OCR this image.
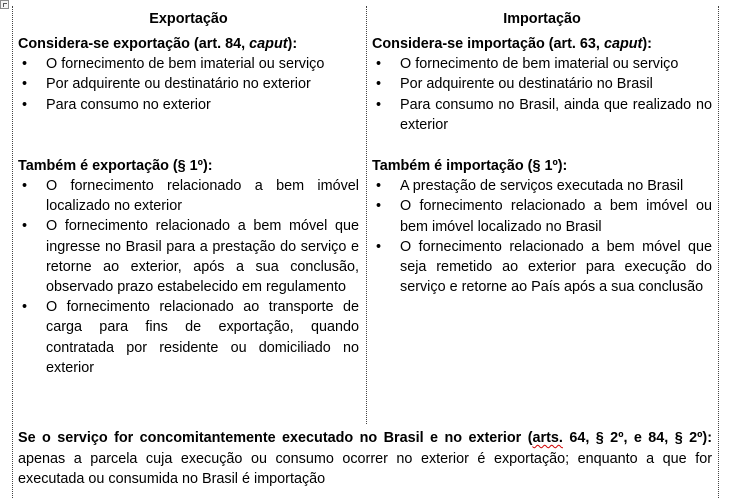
Exportação
Considera-se exportação (art. 84, caput):
• O fornecimento de bem imaterial ou serviço
• Por adquirente ou destinatário no exterior
• Para consumo no exterior
Também é exportação (§ 1º):
• O fornecimento relacionado a bem imóvel localizado no exterior
• O fornecimento relacionado a bem móvel que ingresse no Brasil para a prestação do serviço e retorne ao exterior, após a sua conclusão, observado prazo estabelecido em regulamento
• O fornecimento relacionado ao transporte de carga para fins de exportação, quando contratada por residente ou domiciliado no exterior
Importação
Considera-se importação (art. 63, caput):
• O fornecimento de bem imaterial ou serviço
• Por adquirente ou destinatário no Brasil
• Para consumo no Brasil, ainda que realizado no exterior
Também é importação (§ 1º):
• A prestação de serviços executada no Brasil
• O fornecimento relacionado a bem imóvel ou bem imóvel localizado no Brasil
• O fornecimento relacionado a bem móvel que seja remetido ao exterior para execução do serviço e retorne ao País após a sua conclusão
Se o serviço for concomitantemente executado no Brasil e no exterior (arts. 64, § 2º, e 84, § 2º): apenas a parcela cuja execução ou consumo ocorrer no exterior é exportação; enquanto a que for executada ou consumida no Brasil é importação
